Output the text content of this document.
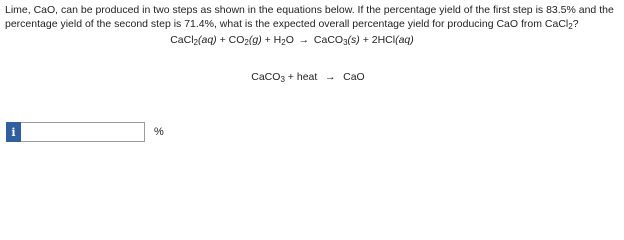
Lime, CaO, can be produced in two steps as shown in the equations below. If the percentage yield of the first step is 83.5% and the percentage yield of the second step is 71.4%, what is the expected overall percentage yield for producing CaO from CaCl$_2$?
CaCl$_2$(aq) + $CO_2(g) + H_2O$ → CaCO$_3$(s) + 2HCl(aq)
CaCO$_3$ + heat → CaO
i	%
